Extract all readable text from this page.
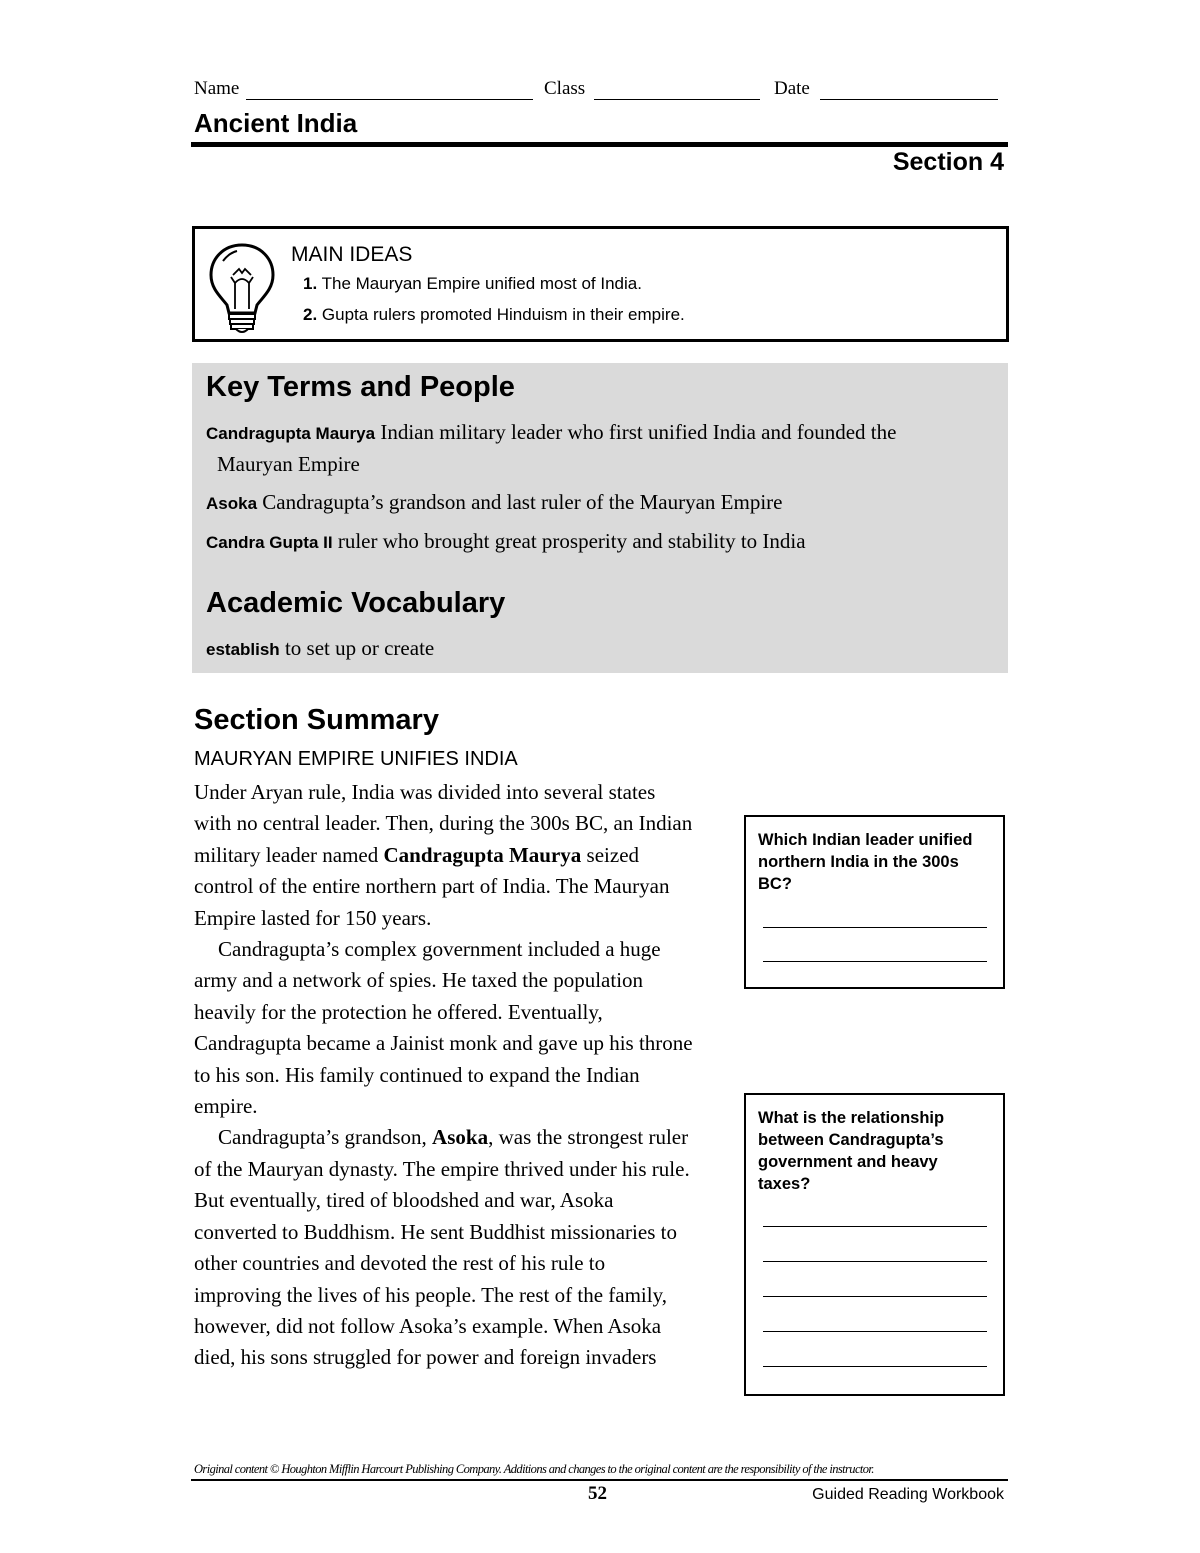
Name	Class	Date
Ancient India
Section 4
MAIN IDEAS
1. The Mauryan Empire unified most of India.
2. Gupta rulers promoted Hinduism in their empire.
Key Terms and People
Candragupta Maurya Indian military leader who first unified India and founded the
Mauryan Empire
Asoka Candragupta’s grandson and last ruler of the Mauryan Empire
Candra Gupta II ruler who brought great prosperity and stability to India
Academic Vocabulary
establish to set up or create
Section Summary
MAURYAN EMPIRE UNIFIES INDIA

Under Aryan rule, India was divided into several states with no central leader. Then, during the 300s BC, an Indian military leader named Candragupta Maurya seized control of the entire northern part of India. The Mauryan Empire lasted for 150 years.

Candragupta’s complex government included a huge army and a network of spies. He taxed the population heavily for the protection he offered. Eventually, Candragupta became a Jainist monk and gave up his throne to his son. His family continued to expand the Indian empire.

Candragupta’s grandson, Asoka, was the strongest ruler of the Mauryan dynasty. The empire thrived under his rule. But eventually, tired of bloodshed and war, Asoka converted to Buddhism. He sent Buddhist missionaries to other countries and devoted the rest of his rule to improving the lives of his people. The rest of the family, however, did not follow Asoka’s example. When Asoka died, his sons struggled for power and foreign invaders

Which Indian leader unified northern India in the 300s BC?
What is the relationship between Candragupta’s government and heavy taxes?
Original content © Houghton Mifflin Harcourt Publishing Company. Additions and changes to the original content are the responsibility of the instructor.
52	Guided Reading Workbook
